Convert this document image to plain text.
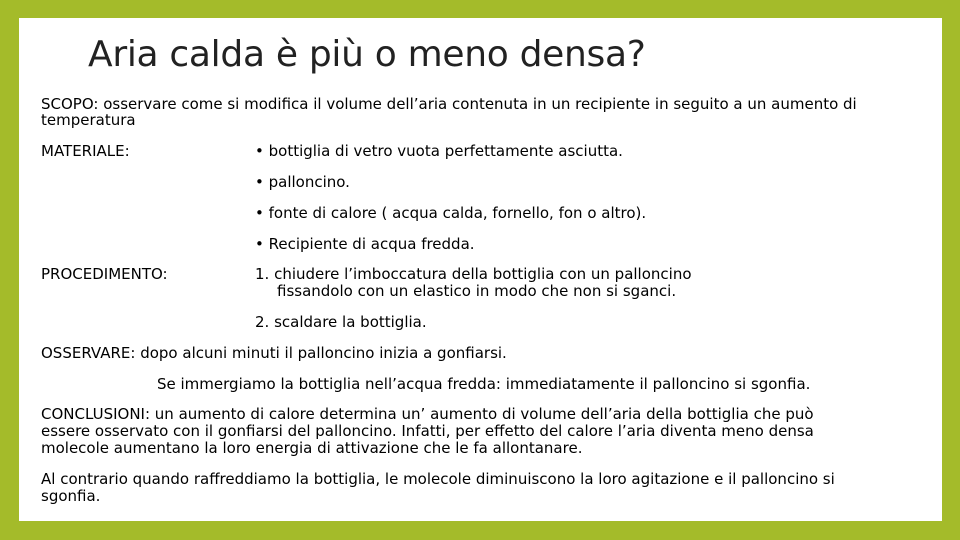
Aria calda è più o meno densa?
SCOPO: osservare come si modifica il volume dell’aria contenuta in un recipiente in seguito a un aumento di
temperatura
MATERIALE:	• bottiglia di vetro vuota perfettamente asciutta.
• palloncino.
• fonte di calore ( acqua calda, fornello, fon o altro).
• Recipiente di acqua fredda.
PROCEDIMENTO:	1. chiudere l’imboccatura della bottiglia con un palloncino
fissandolo con un elastico in modo che non si sganci.
2. scaldare la bottiglia.
OSSERVARE: dopo alcuni minuti il palloncino inizia a gonfiarsi.
Se immergiamo la bottiglia nell’acqua fredda: immediatamente il palloncino si sgonfia.
CONCLUSIONI: un aumento di calore determina un’ aumento di volume dell’aria della bottiglia che può
essere osservato con il gonfiarsi del palloncino. Infatti, per effetto del calore l’aria diventa meno densa
molecole aumentano la loro energia di attivazione che le fa allontanare.
Al contrario quando raffreddiamo la bottiglia, le molecole diminuiscono la loro agitazione e il palloncino si
sgonfia.
